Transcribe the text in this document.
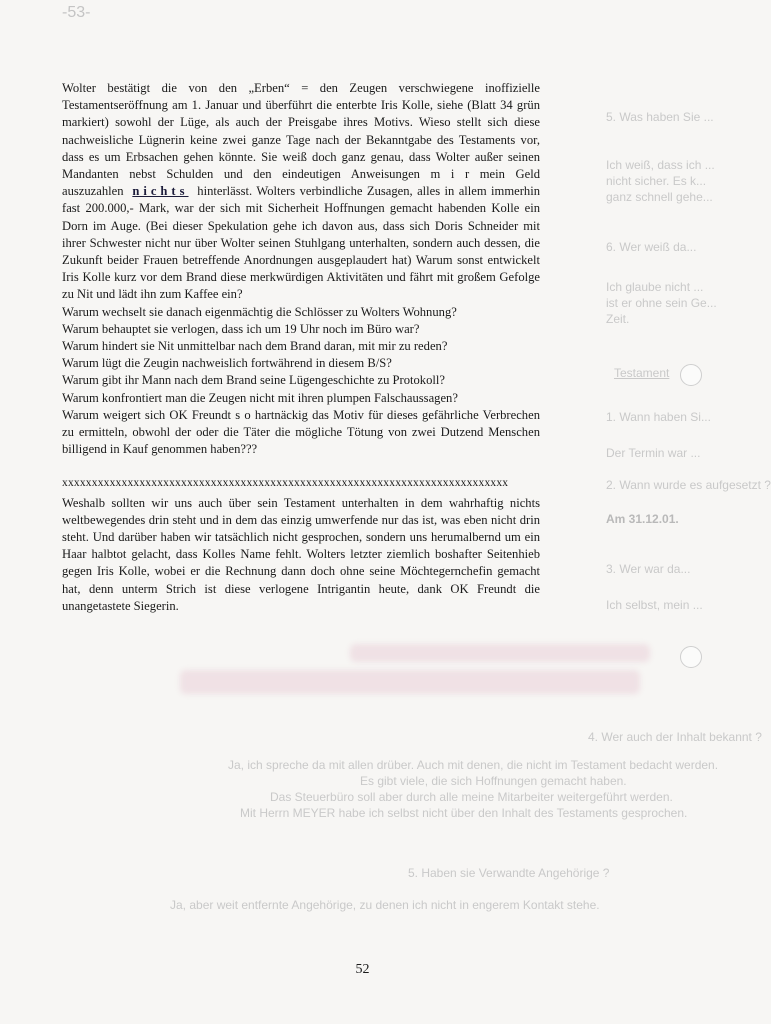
-53-
5. Was haben Sie ...
Ich weiß, dass ich ...
nicht sicher. Es k...
ganz schnell gehe...
6. Wer weiß da...
Ich glaube nicht ...
ist er ohne sein Ge...
Zeit.
Testament
1. Wann haben Si...
Der Termin war ...
2. Wann wurde es aufgesetzt ?
Am 31.12.01.
3. Wer war da...
Ich selbst, mein ...
4. Wer auch der Inhalt bekannt ?
Ja, ich spreche da mit allen drüber. Auch mit denen, die nicht im Testament bedacht werden.
Es gibt viele, die sich Hoffnungen gemacht haben.
Das Steuerbüro soll aber durch alle meine Mitarbeiter weitergeführt werden.
Mit Herrn MEYER habe ich selbst nicht über den Inhalt des Testaments gesprochen.
5. Haben sie Verwandte Angehörige ?
Ja, aber weit entfernte Angehörige, zu denen ich nicht in engerem Kontakt stehe.

Wolter bestätigt die von den „Erben“ = den Zeugen verschwiegene inoffizielle Testamentseröffnung am 1. Januar und überführt die enterbte Iris Kolle, siehe (Blatt 34 grün markiert) sowohl der Lüge, als auch der Preisgabe ihres Motivs. Wieso stellt sich diese nachweisliche Lügnerin keine zwei ganze Tage nach der Bekanntgabe des Testaments vor, dass es um Erbsachen gehen könnte. Sie weiß doch ganz genau, dass Wolter außer seinen Mandanten nebst Schulden und den eindeutigen Anweisungen m i r mein Geld auszuzahlen nichts hinterlässt. Wolters verbindliche Zusagen, alles in allem immerhin fast 200.000,- Mark, war der sich mit Sicherheit Hoffnungen gemacht habenden Kolle ein Dorn im Auge. (Bei dieser Spekulation gehe ich davon aus, dass sich Doris Schneider mit ihrer Schwester nicht nur über Wolter seinen Stuhlgang unterhalten, sondern auch dessen, die Zukunft beider Frauen betreffende Anordnungen ausgeplaudert hat) Warum sonst entwickelt Iris Kolle kurz vor dem Brand diese merkwürdigen Aktivitäten und fährt mit großem Gefolge zu Nit und lädt ihn zum Kaffee ein?

Warum wechselt sie danach eigenmächtig die Schlösser zu Wolters Wohnung?

Warum behauptet sie verlogen, dass ich um 19 Uhr noch im Büro war?

Warum hindert sie Nit unmittelbar nach dem Brand daran, mit mir zu reden?

Warum lügt die Zeugin nachweislich fortwährend in diesem B/S?

Warum gibt ihr Mann nach dem Brand seine Lügengeschichte zu Protokoll?

Warum konfrontiert man die Zeugen nicht mit ihren plumpen Falschaussagen?

Warum weigert sich OK Freundt s o hartnäckig das Motiv für dieses gefährliche Verbrechen zu ermitteln, obwohl der oder die Täter die mögliche Tötung von zwei Dutzend Menschen billigend in Kauf genommen haben???

xxxxxxxxxxxxxxxxxxxxxxxxxxxxxxxxxxxxxxxxxxxxxxxxxxxxxxxxxxxxxxxxxxxxxxxxxxx

Weshalb sollten wir uns auch über sein Testament unterhalten in dem wahrhaftig nichts weltbewegendes drin steht und in dem das einzig umwerfende nur das ist, was eben nicht drin steht. Und darüber haben wir tatsächlich nicht gesprochen, sondern uns herumalbernd um ein Haar halbtot gelacht, dass Kolles Name fehlt. Wolters letzter ziemlich boshafter Seitenhieb gegen Iris Kolle, wobei er die Rechnung dann doch ohne seine Möchtegernchefin gemacht hat, denn unterm Strich ist diese verlogene Intrigantin heute, dank OK Freundt die unangetastete Siegerin.

52
